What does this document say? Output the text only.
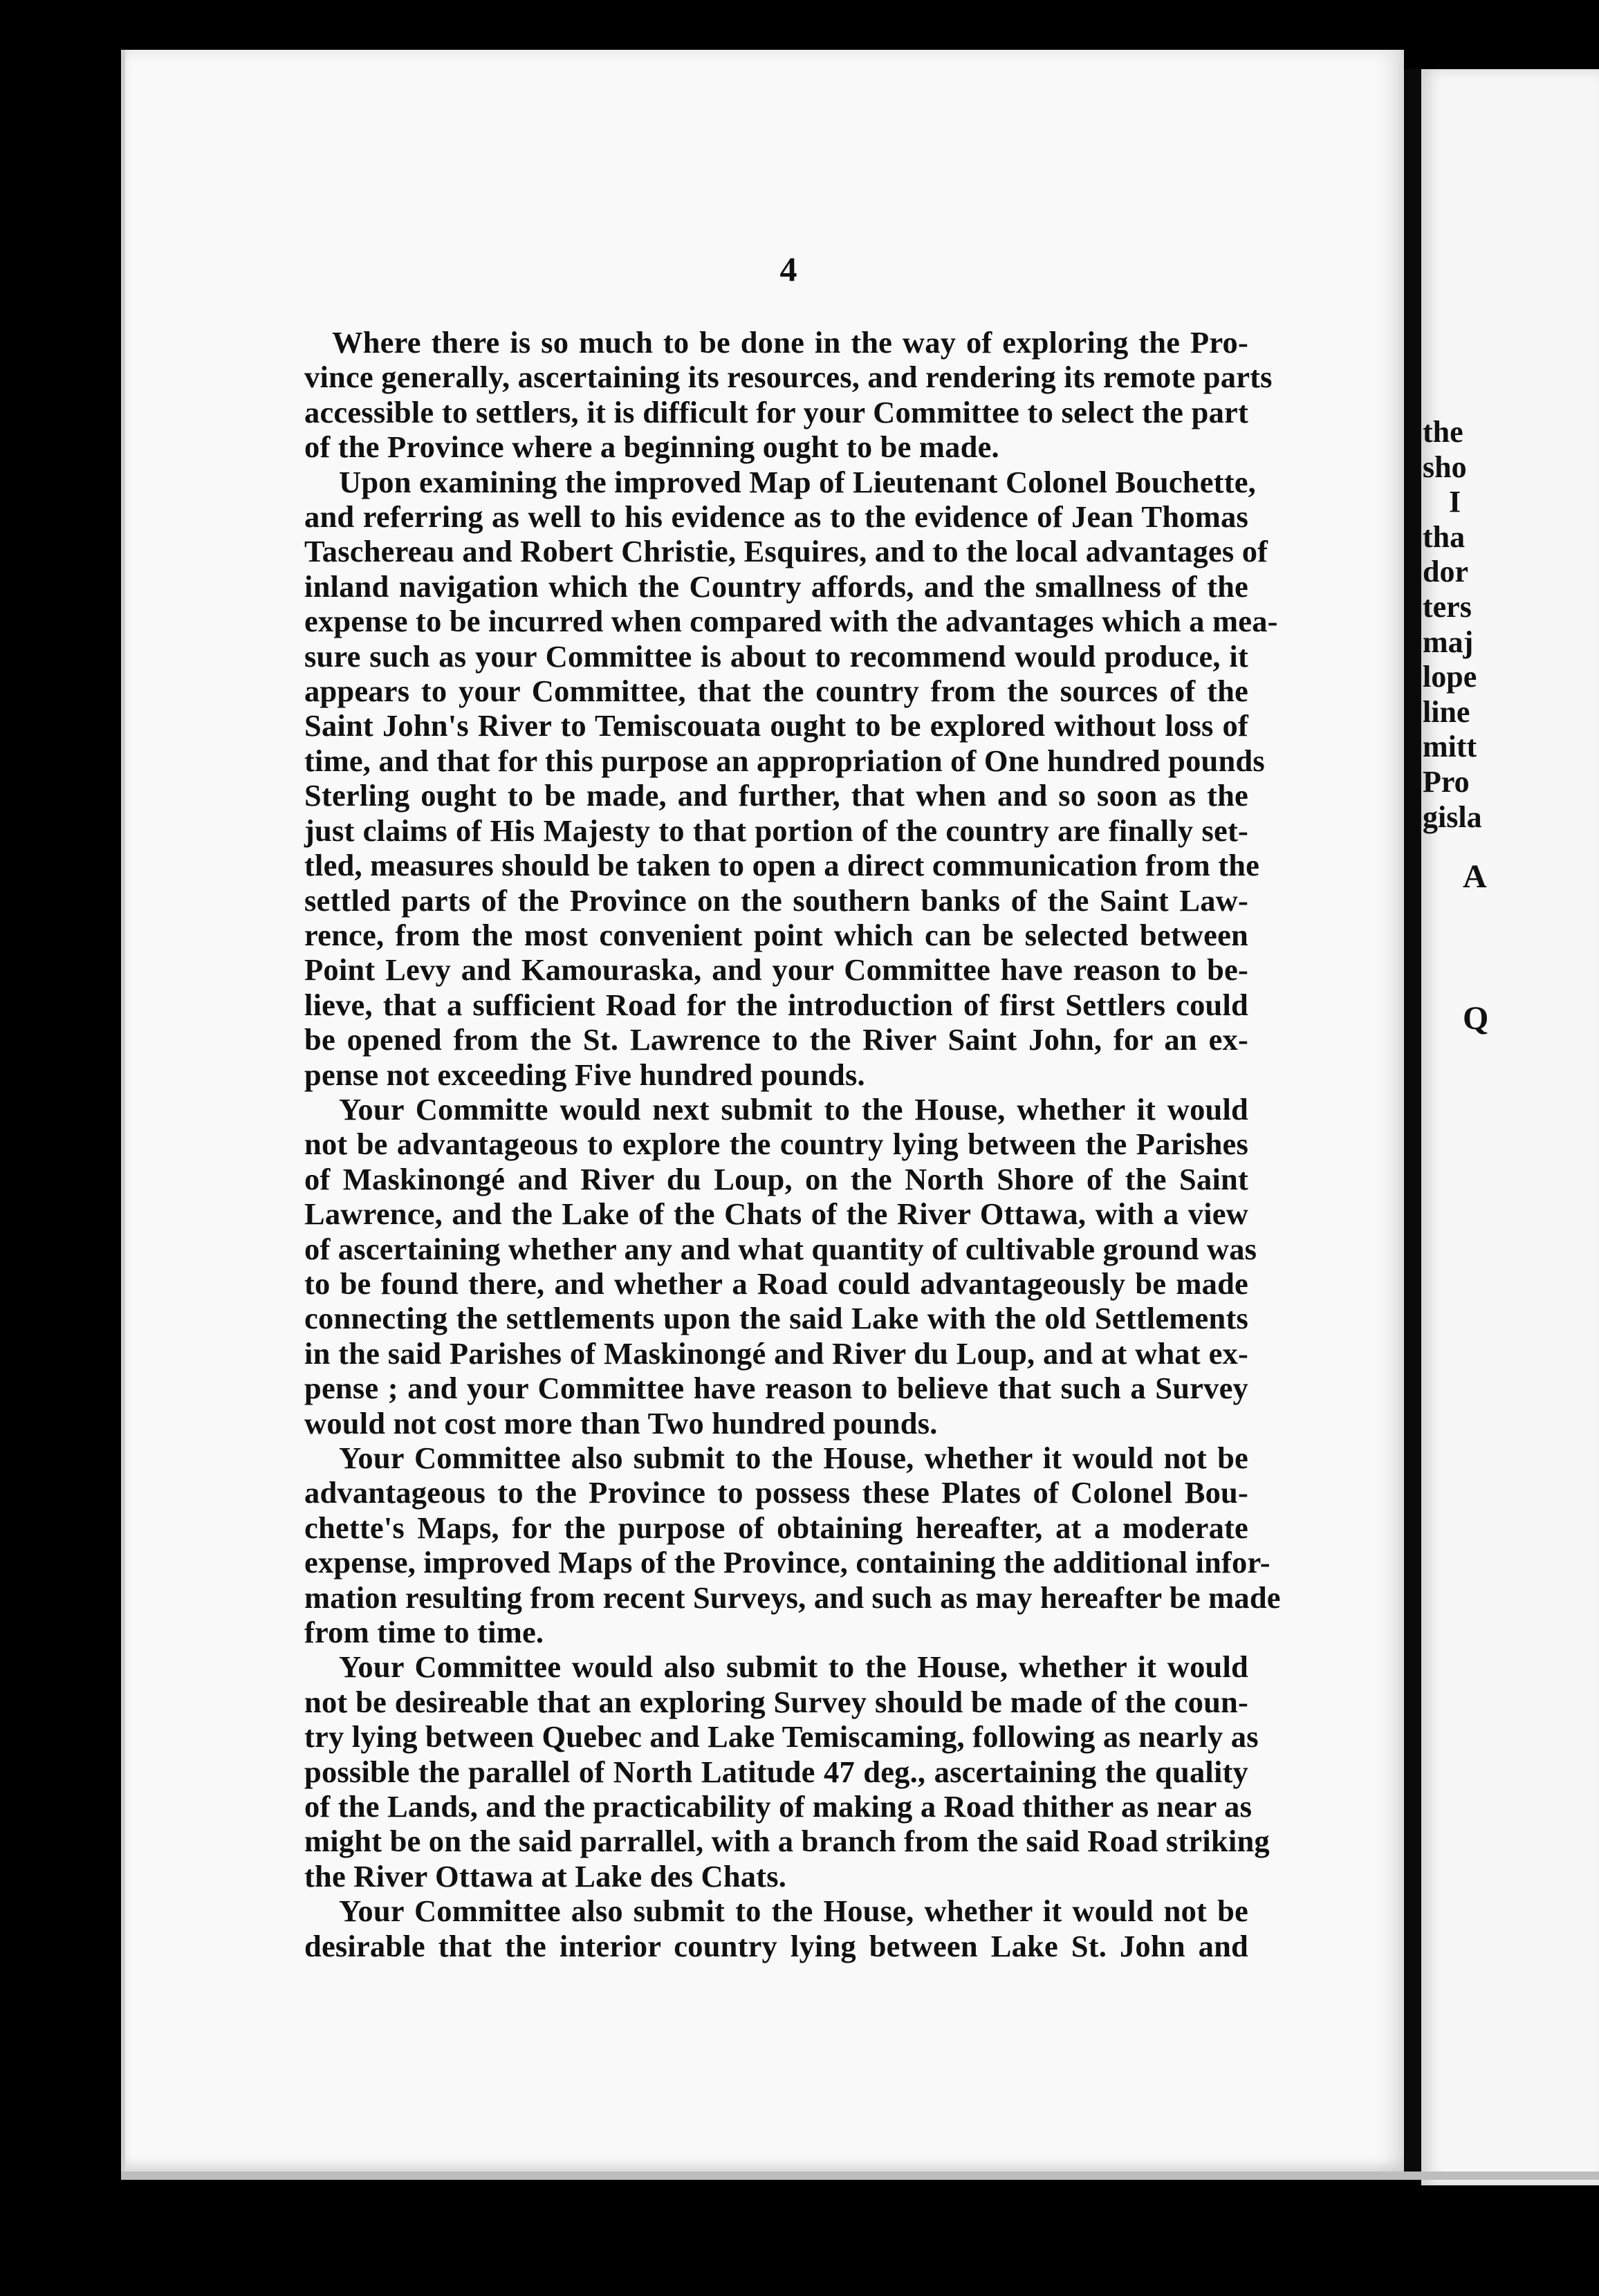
the
sho
I
tha
dor
ters
maj
lope
line
mitt
Pro
gisla
A
Q
4
Where there is so much to be done in the way of exploring the Pro-
vince generally, ascertaining its resources, and rendering its remote parts
accessible to settlers, it is difficult for your Committee to select the part
of the Province where a beginning ought to be made.
Upon examining the improved Map of Lieutenant Colonel Bouchette,
and referring as well to his evidence as to the evidence of Jean Thomas
Taschereau and Robert Christie, Esquires, and to the local advantages of
inland navigation which the Country affords, and the smallness of the
expense to be incurred when compared with the advantages which a mea-
sure such as your Committee is about to recommend would produce, it
appears to your Committee, that the country from the sources of the
Saint John's River to Temiscouata ought to be explored without loss of
time, and that for this purpose an appropriation of One hundred pounds
Sterling ought to be made, and further, that when and so soon as the
just claims of His Majesty to that portion of the country are finally set-
tled, measures should be taken to open a direct communication from the
settled parts of the Province on the southern banks of the Saint Law-
rence, from the most convenient point which can be selected between
Point Levy and Kamouraska, and your Committee have reason to be-
lieve, that a sufficient Road for the introduction of first Settlers could
be opened from the St. Lawrence to the River Saint John, for an ex-
pense not exceeding Five hundred pounds.
Your Committe would next submit to the House, whether it would
not be advantageous to explore the country lying between the Parishes
of Maskinongé and River du Loup, on the North Shore of the Saint
Lawrence, and the Lake of the Chats of the River Ottawa, with a view
of ascertaining whether any and what quantity of cultivable ground was
to be found there, and whether a Road could advantageously be made
connecting the settlements upon the said Lake with the old Settlements
in the said Parishes of Maskinongé and River du Loup, and at what ex-
pense ; and your Committee have reason to believe that such a Survey
would not cost more than Two hundred pounds.
Your Committee also submit to the House, whether it would not be
advantageous to the Province to possess these Plates of Colonel Bou-
chette's Maps, for the purpose of obtaining hereafter, at a moderate
expense, improved Maps of the Province, containing the additional infor-
mation resulting from recent Surveys, and such as may hereafter be made
from time to time.
Your Committee would also submit to the House, whether it would
not be desireable that an exploring Survey should be made of the coun-
try lying between Quebec and Lake Temiscaming, following as nearly as
possible the parallel of North Latitude 47 deg., ascertaining the quality
of the Lands, and the practicability of making a Road thither as near as
might be on the said parrallel, with a branch from the said Road striking
the River Ottawa at Lake des Chats.
Your Committee also submit to the House, whether it would not be
desirable that the interior country lying between Lake St. John and
